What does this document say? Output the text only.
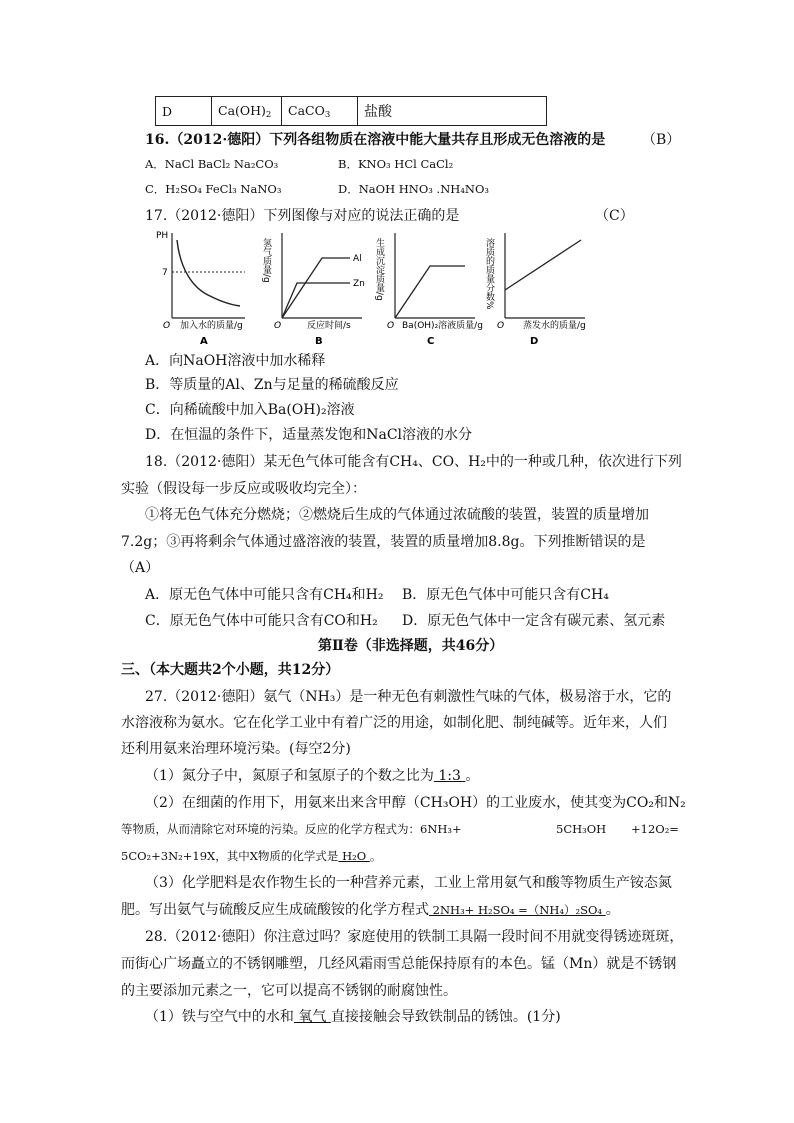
D	$Ca(OH)_2$	CaCO$_3$	盐酸
16.（2012·德阳）下列各组物质在溶液中能大量共存且形成无色溶液的是	（B）
A．NaCl BaCl₂ Na₂CO₃	B．KNO₃ HCl CaCl₂
C．H₂SO₄ FeCl₃ NaNO₃	D．NaOH HNO₃ .NH₄NO₃
17.（2012·德阳）下列图像与对应的说法正确的是	（C）
PH
7
O 加入水的质量/g
A
Al
Zn
氢气质量/g
O	反应时间/s
B
生成沉淀质量/g
O Ba(OH)₂溶液质量/g
C
溶质的质量分数%
O 蒸发水的质量/g
D
A．向NaOH溶液中加水稀释
B．等质量的Al、Zn与足量的稀硫酸反应
C．向稀硫酸中加入Ba(OH)₂溶液
D．在恒温的条件下，适量蒸发饱和NaCl溶液的水分
18.（2012·德阳）某无色气体可能含有CH₄、CO、H₂中的一种或几种，依次进行下列
实验（假设每一步反应或吸收均完全）：
①将无色气体充分燃烧；②燃烧后生成的气体通过浓硫酸的装置，装置的质量增加
7.2g；③再将剩余气体通过盛溶液的装置，装置的质量增加8.8g。下列推断错误的是
（A）
A．原无色气体中可能只含有CH₄和H₂ B．原无色气体中可能只含有CH₄
C．原无色气体中可能只含有CO和H₂ D．原无色气体中一定含有碳元素、氢元素
第Ⅱ卷（非选择题，共46分）
三、（本大题共2个小题，共12分）
27.（2012·德阳）氨气（NH₃）是一种无色有刺激性气味的气体，极易溶于水，它的
水溶液称为氨水。它在化学工业中有着广泛的用途，如制化肥、制纯碱等。近年来，人们
还利用氨来治理环境污染。(每空2分)
（1）氮分子中，氮原子和氢原子的个数之比为 1:3 。
（2）在细菌的作用下，用氨来出来含甲醇（CH₃OH）的工业废水，使其变为CO₂和N₂
等物质，从而清除它对环境的污染。反应的化学方程式为：6NH₃+	5CH₃OH +12O₂=
5CO₂+3N₂+19X，其中X物质的化学式是 H₂O 。
（3）化学肥料是农作物生长的一种营养元素，工业上常用氨气和酸等物质生产铵态氮
肥。写出氨气与硫酸反应生成硫酸铵的化学方程式 2NH₃+ H₂SO₄ =（NH₄）₂SO₄ 。
28.（2012·德阳）你注意过吗？家庭使用的铁制工具隔一段时间不用就变得锈迹斑斑，
而街心广场矗立的不锈钢雕塑，几经风霜雨雪总能保持原有的本色。锰（Mn）就是不锈钢
的主要添加元素之一，它可以提高不锈钢的耐腐蚀性。
（1）铁与空气中的水和 氧气 直接接触会导致铁制品的锈蚀。(1分)
